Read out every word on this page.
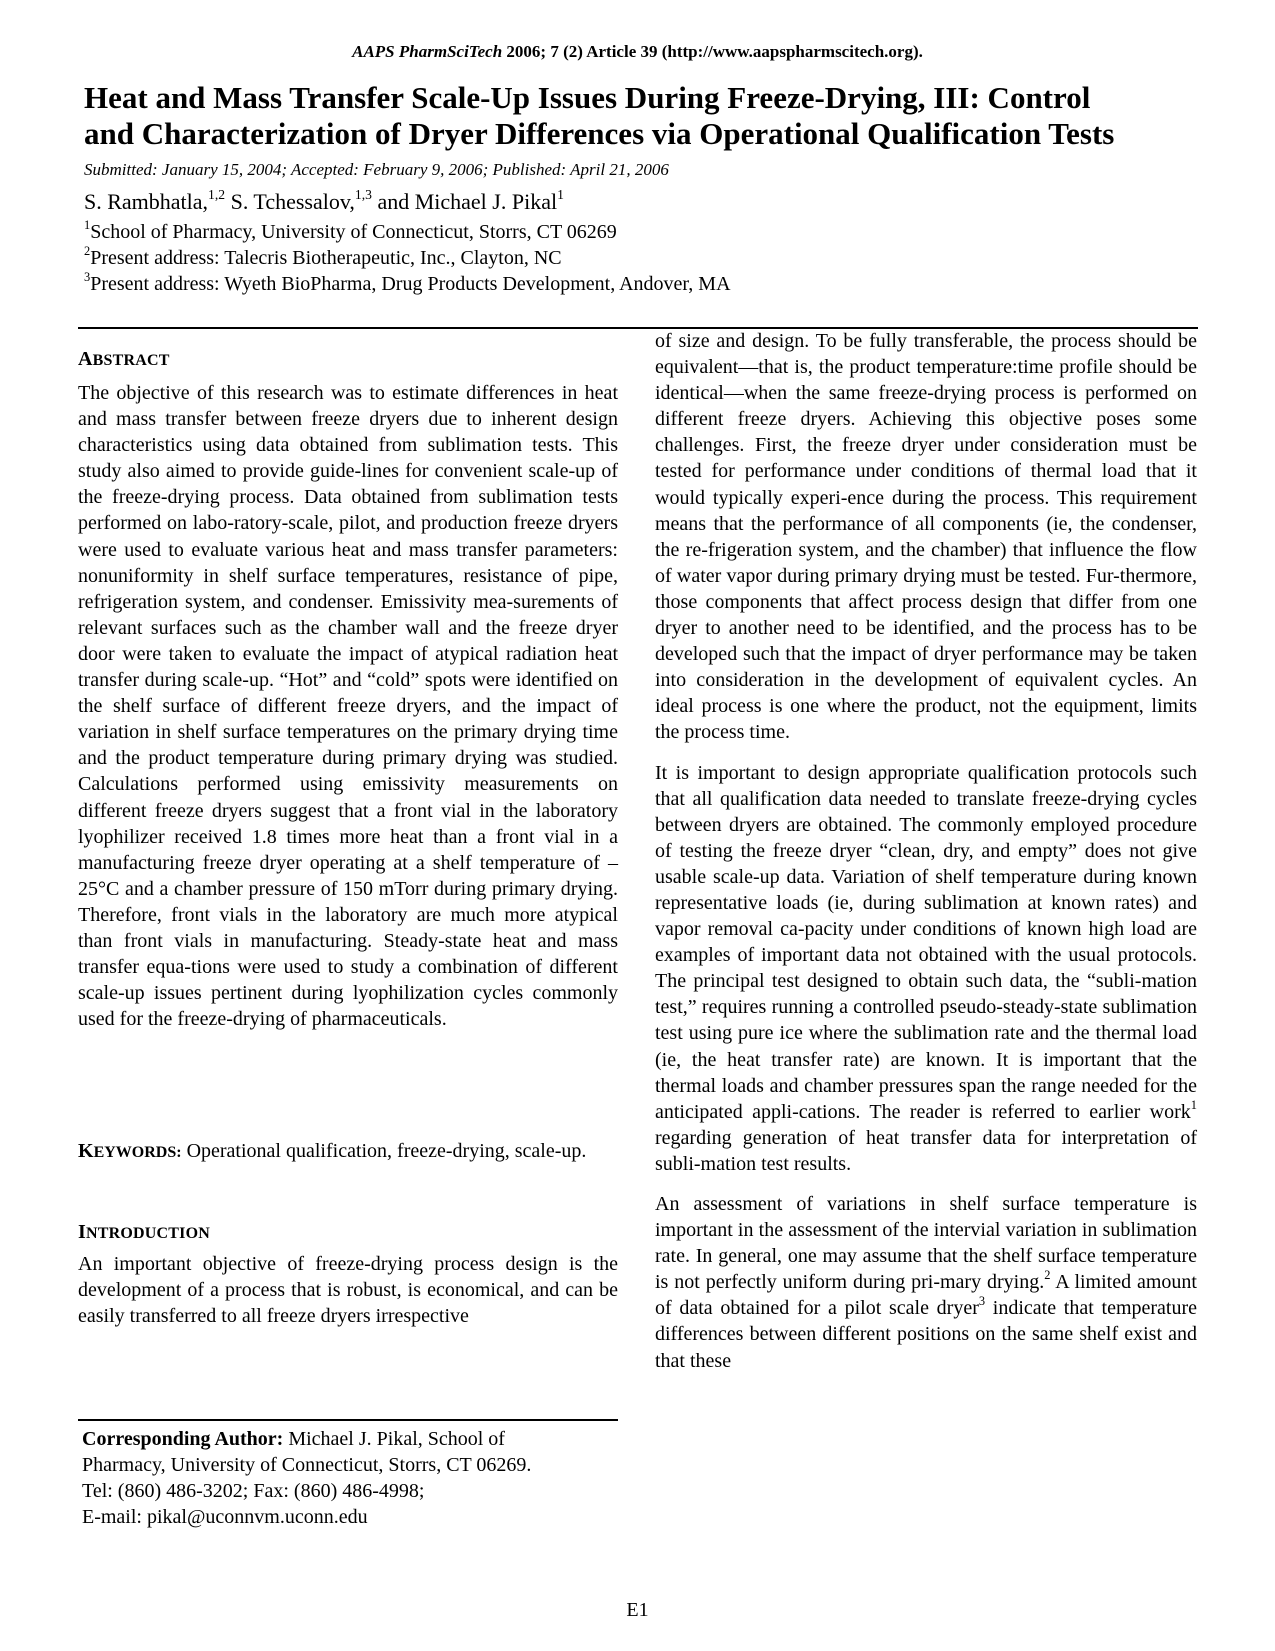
AAPS PharmSciTech 2006; 7 (2) Article 39 (http://www.aapspharmscitech.org).
Heat and Mass Transfer Scale-Up Issues During Freeze-Drying, III: Control
and Characterization of Dryer Differences via Operational Qualification Tests
Submitted: January 15, 2004; Accepted: February 9, 2006; Published: April 21, 2006
S. Rambhatla,$^{1,2}$ S. Tchessalov,$^{1,3}$ and Michael J. Pikal$^1$
$^1$School of Pharmacy, University of Connecticut, Storrs, CT 06269
$^2$Present address: Talecris Biotherapeutic, Inc., Clayton, NC
$^3$Present address: Wyeth BioPharma, Drug Products Development, Andover, MA
ABSTRACT

The objective of this research was to estimate differences in heat and mass transfer between freeze dryers due to inherent design characteristics using data obtained from sublimation tests. This study also aimed to provide guide-lines for convenient scale-up of the freeze-drying process. Data obtained from sublimation tests performed on labo-ratory-scale, pilot, and production freeze dryers were used to evaluate various heat and mass transfer parameters: nonuniformity in shelf surface temperatures, resistance of pipe, refrigeration system, and condenser. Emissivity mea-surements of relevant surfaces such as the chamber wall and the freeze dryer door were taken to evaluate the impact of atypical radiation heat transfer during scale-up. “Hot” and “cold” spots were identified on the shelf surface of different freeze dryers, and the impact of variation in shelf surface temperatures on the primary drying time and the product temperature during primary drying was studied. Calculations performed using emissivity measurements on different freeze dryers suggest that a front vial in the laboratory lyophilizer received 1.8 times more heat than a front vial in a manufacturing freeze dryer operating at a shelf temperature of –25°C and a chamber pressure of 150 mTorr during primary drying. Therefore, front vials in the laboratory are much more atypical than front vials in manufacturing. Steady-state heat and mass transfer equa-tions were used to study a combination of different scale-up issues pertinent during lyophilization cycles commonly used for the freeze-drying of pharmaceuticals.

KEYWORDS: Operational qualification, freeze-drying, scale-up.

INTRODUCTION

An important objective of freeze-drying process design is the development of a process that is robust, is economical, and can be easily transferred to all freeze dryers irrespective

Corresponding Author: Michael J. Pikal, School of
Pharmacy, University of Connecticut, Storrs, CT 06269.
Tel: (860) 486-3202; Fax: (860) 486-4998;
E-mail: pikal@uconnvm.uconn.edu

of size and design. To be fully transferable, the process should be equivalent—that is, the product temperature:time profile should be identical—when the same freeze-drying process is performed on different freeze dryers. Achieving this objective poses some challenges. First, the freeze dryer under consideration must be tested for performance under conditions of thermal load that it would typically experi-ence during the process. This requirement means that the performance of all components (ie, the condenser, the re-frigeration system, and the chamber) that influence the flow of water vapor during primary drying must be tested. Fur-thermore, those components that affect process design that differ from one dryer to another need to be identified, and the process has to be developed such that the impact of dryer performance may be taken into consideration in the development of equivalent cycles. An ideal process is one where the product, not the equipment, limits the process time.

It is important to design appropriate qualification protocols such that all qualification data needed to translate freeze-drying cycles between dryers are obtained. The commonly employed procedure of testing the freeze dryer “clean, dry, and empty” does not give usable scale-up data. Variation of shelf temperature during known representative loads (ie, during sublimation at known rates) and vapor removal ca-pacity under conditions of known high load are examples of important data not obtained with the usual protocols. The principal test designed to obtain such data, the “subli-mation test,” requires running a controlled pseudo-steady-state sublimation test using pure ice where the sublimation rate and the thermal load (ie, the heat transfer rate) are known. It is important that the thermal loads and chamber pressures span the range needed for the anticipated appli-cations. The reader is referred to earlier work$^1$ regarding generation of heat transfer data for interpretation of subli-mation test results.

An assessment of variations in shelf surface temperature is important in the assessment of the intervial variation in sublimation rate. In general, one may assume that the shelf surface temperature is not perfectly uniform during pri-mary drying.$^2$ A limited amount of data obtained for a pilot scale dryer$^3$ indicate that temperature differences between different positions on the same shelf exist and that these

E1
